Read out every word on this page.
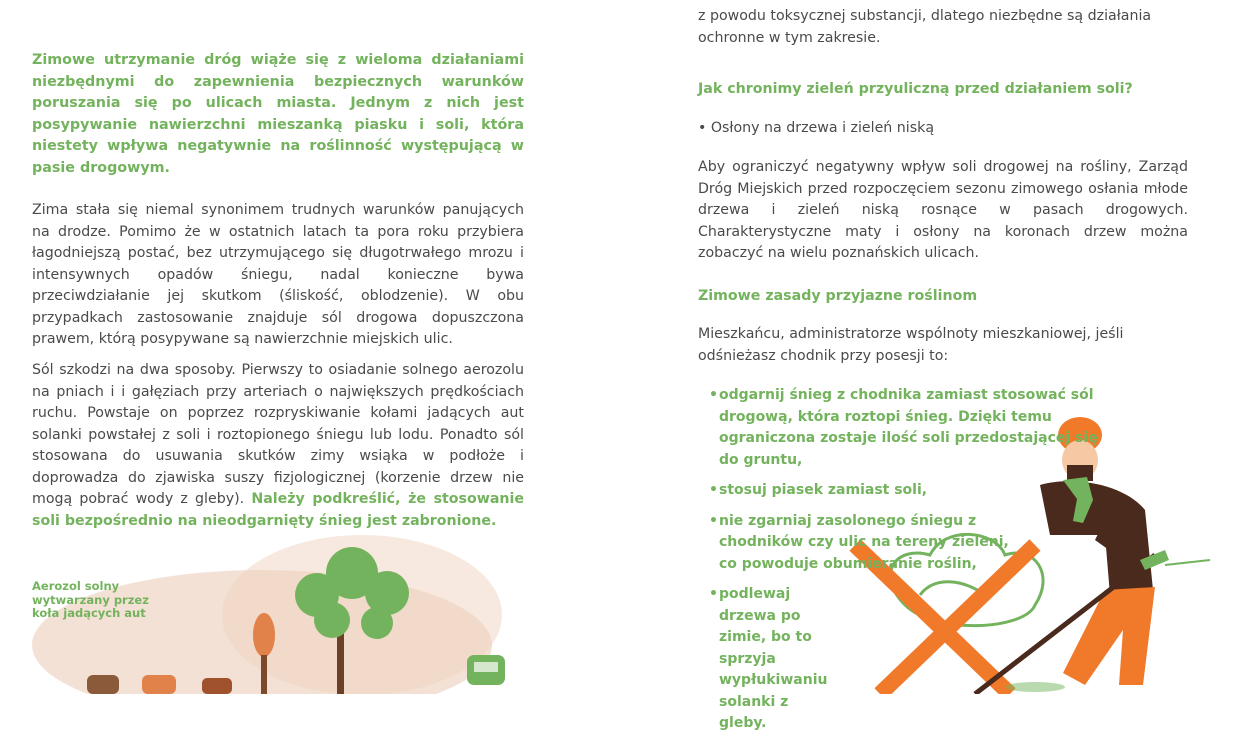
Zimowe utrzymanie dróg wiąże się z wieloma działaniami niezbędnymi do zapewnienia bezpiecznych warunków poruszania się po ulicach miasta. Jednym z nich jest posypywanie nawierzchni mieszanką piasku i soli, która niestety wpływa negatywnie na roślinność występującą w pasie drogowym.

Zima stała się niemal synonimem trudnych warunków panujących na drodze. Pomimo że w ostatnich latach ta pora roku przybiera łagodniejszą postać, bez utrzymującego się długotrwałego mrozu i intensywnych opadów śniegu, nadal konieczne bywa przeciwdziałanie jej skutkom (śliskość, oblodzenie). W obu przypadkach zastosowanie znajduje sól drogowa dopuszczona prawem, którą posypywane są nawierzchnie miejskich ulic.

Sól szkodzi na dwa sposoby. Pierwszy to osiadanie solnego aerozolu na pniach i i gałęziach przy arteriach o największych prędkościach ruchu. Powstaje on poprzez rozpryskiwanie kołami jadących aut solanki powstałej z soli i roztopionego śniegu lub lodu. Ponadto sól stosowana do usuwania skutków zimy wsiąka w podłoże i doprowadza do zjawiska suszy fizjologicznej (korzenie drzew nie mogą pobrać wody z gleby). Należy podkreślić, że stosowanie soli bezpośrednio na nieodgarnięty śnieg jest zabronione.

Aerozol solny wytwarzany przez koła jadących aut

z powodu toksycznej substancji, dlatego niezbędne są działania ochronne w tym zakresie.

Jak chronimy zieleń przyuliczną przed działaniem soli?

• Osłony na drzewa i zieleń niską

Aby ograniczyć negatywny wpływ soli drogowej na rośliny, Zarząd Dróg Miejskich przed rozpoczęciem sezonu zimowego osłania młode drzewa i zieleń niską rosnące w pasach drogowych. Charakterystyczne maty i osłony na koronach drzew można zobaczyć na wielu poznańskich ulicach.

Zimowe zasady przyjazne roślinom

Mieszkańcu, administratorze wspólnoty mieszkaniowej, jeśli odśnieżasz chodnik przy posesji to:

• odgarnij śnieg z chodnika zamiast stosować sól drogową, która roztopi śnieg. Dzięki temu ograniczona zostaje ilość soli przedostającej się do gruntu,
• stosuj piasek zamiast soli,
• nie zgarniaj zasolonego śniegu z chodników czy ulic na tereny zieleni, co powoduje obumieranie roślin,
• podlewaj drzewa po zimie, bo to sprzyja wypłukiwaniu solanki z gleby.
